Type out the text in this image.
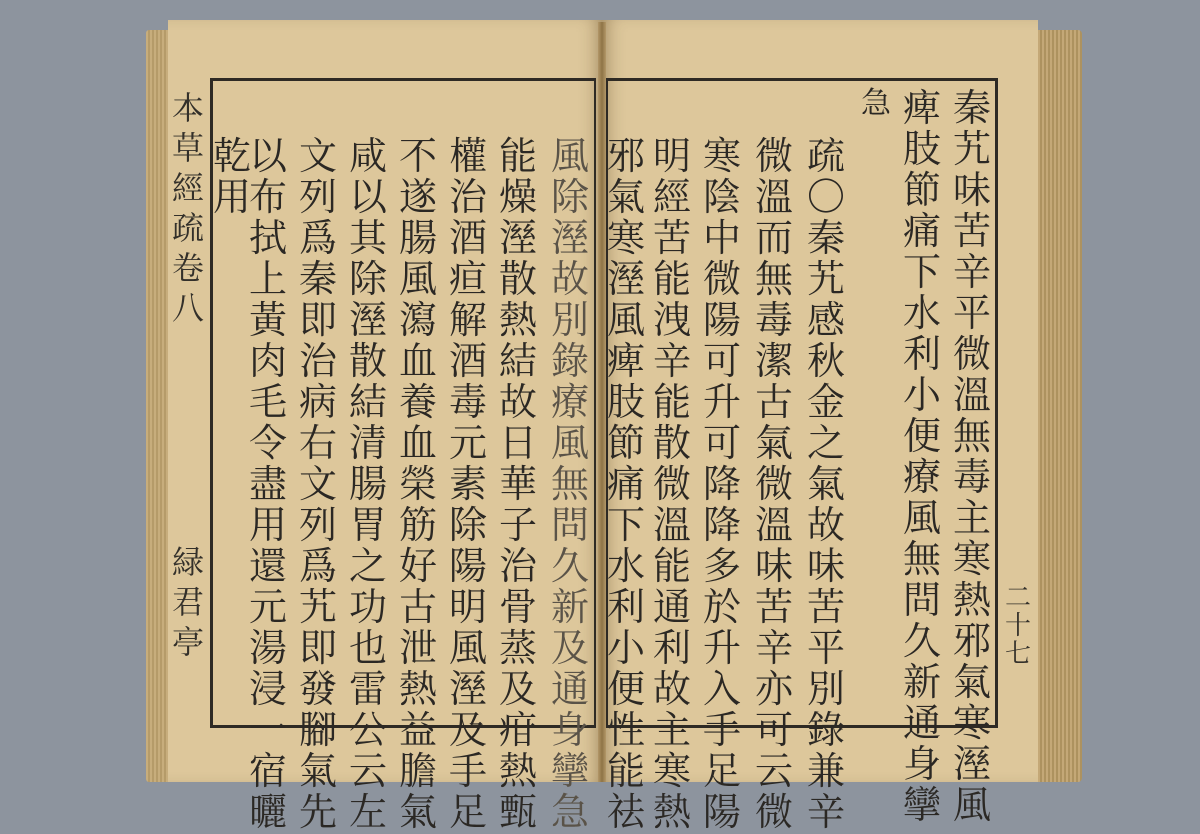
本
草
經
疏
卷
八
緑
君
亭
二
十
七
秦
艽
味
苦
辛
平
微
溫
無
毒
主
寒
熱
邪
氣
寒
溼
風
痺
肢
節
痛
下
水
利
小
便
療
風
無
問
久
新
通
身
攣
急
疏
〇
秦
艽
感
秋
金
之
氣
故
味
苦
平
別
錄
兼
辛
微
溫
而
無
毒
潔
古
氣
微
溫
味
苦
辛
亦
可
云
微
寒
陰
中
微
陽
可
升
可
降
降
多
於
升
入
手
足
陽
明
經
苦
能
洩
辛
能
散
微
溫
能
通
利
故
主
寒
熱
邪
氣
寒
溼
風
痺
肢
節
痛
下
水
利
小
便
性
能
祛
風
除
溼
故
別
錄
療
風
無
問
久
新
及
通
身
攣
急
能
燥
溼
散
熱
結
故
日
華
子
治
骨
蒸
及
疳
熱
甄
權
治
酒
疸
解
酒
毒
元
素
除
陽
明
風
溼
及
手
足
不
遂
腸
風
瀉
血
養
血
榮
筋
好
古
泄
熱
益
膽
氣
咸
以
其
除
溼
散
結
清
腸
胃
之
功
也
雷
公
云
左
文
列
爲
秦
即
治
病
右
文
列
爲
艽
即
發
腳
氣
先
以
布
拭
上
黃
肉
毛
令
盡
用
還
元
湯
浸
一
宿
曬
乾
用
